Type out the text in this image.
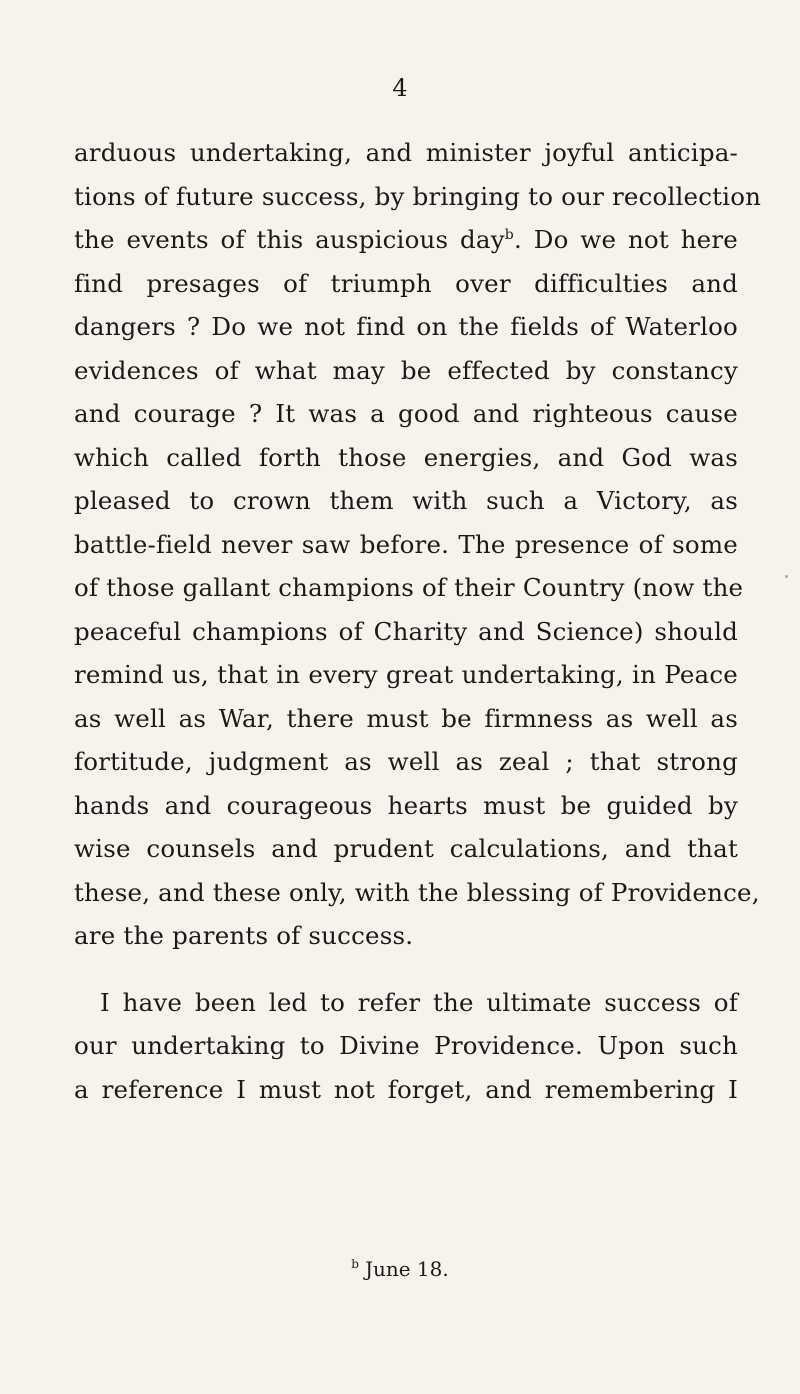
4
arduous undertaking, and minister joyful anticipa-
tions of future success, by bringing to our recollection
the events of this auspicious day$^b$. Do we not here
find presages of triumph over difficulties and
dangers ? Do we not find on the fields of Waterloo
evidences of what may be effected by constancy
and courage ? It was a good and righteous cause
which called forth those energies, and God was
pleased to crown them with such a Victory, as
battle-field never saw before. The presence of some
of those gallant champions of their Country (now the
peaceful champions of Charity and Science) should
remind us, that in every great undertaking, in Peace
as well as War, there must be firmness as well as
fortitude, judgment as well as zeal ; that strong
hands and courageous hearts must be guided by
wise counsels and prudent calculations, and that
these, and these only, with the blessing of Providence,
are the parents of success.
I have been led to refer the ultimate success of
our undertaking to Divine Providence. Upon such
a reference I must not forget, and remembering I
$^b$ June 18.
